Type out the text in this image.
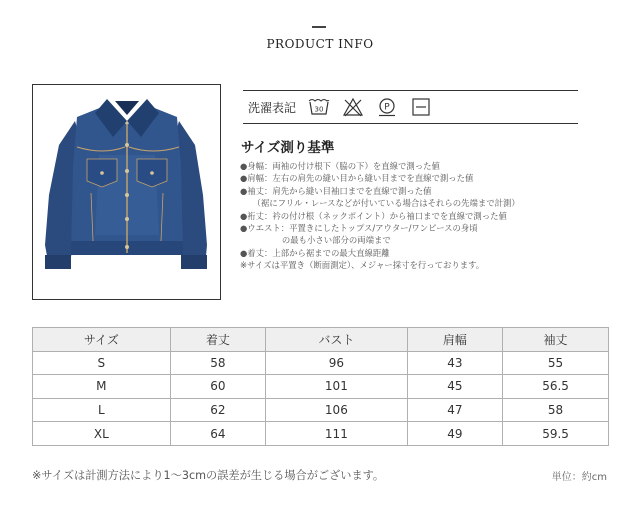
PRODUCT INFO
洗濯表記	30	P
サイズ測り基準
●身幅：両袖の付け根下（脇の下）を直線で測った値
●肩幅：左右の肩先の縫い目から縫い目までを直線で測った値
●袖丈：肩先から縫い目袖口までを直線で測った値
　　（裾にフリル・レースなどが付いている場合はそれらの先端まで計測）
●裄丈：衿の付け根（ネックポイント）から袖口までを直線で測った値
●ウエスト：平置きにしたトップス/アウター/ワンピースの身頃
　　　　　の最も小さい部分の両端まで
●着丈：上部から裾までの最大直線距離
※サイズは平置き（断面測定）、メジャー採寸を行っております。
サイズ	着丈	バスト	肩幅	袖丈
S	58	96	43	55
M	60	101	45	56.5
L	62	106	47	58
XL	64	111	49	59.5
※サイズは計測方法により1〜3cmの誤差が生じる場合がございます。	単位：約cm
